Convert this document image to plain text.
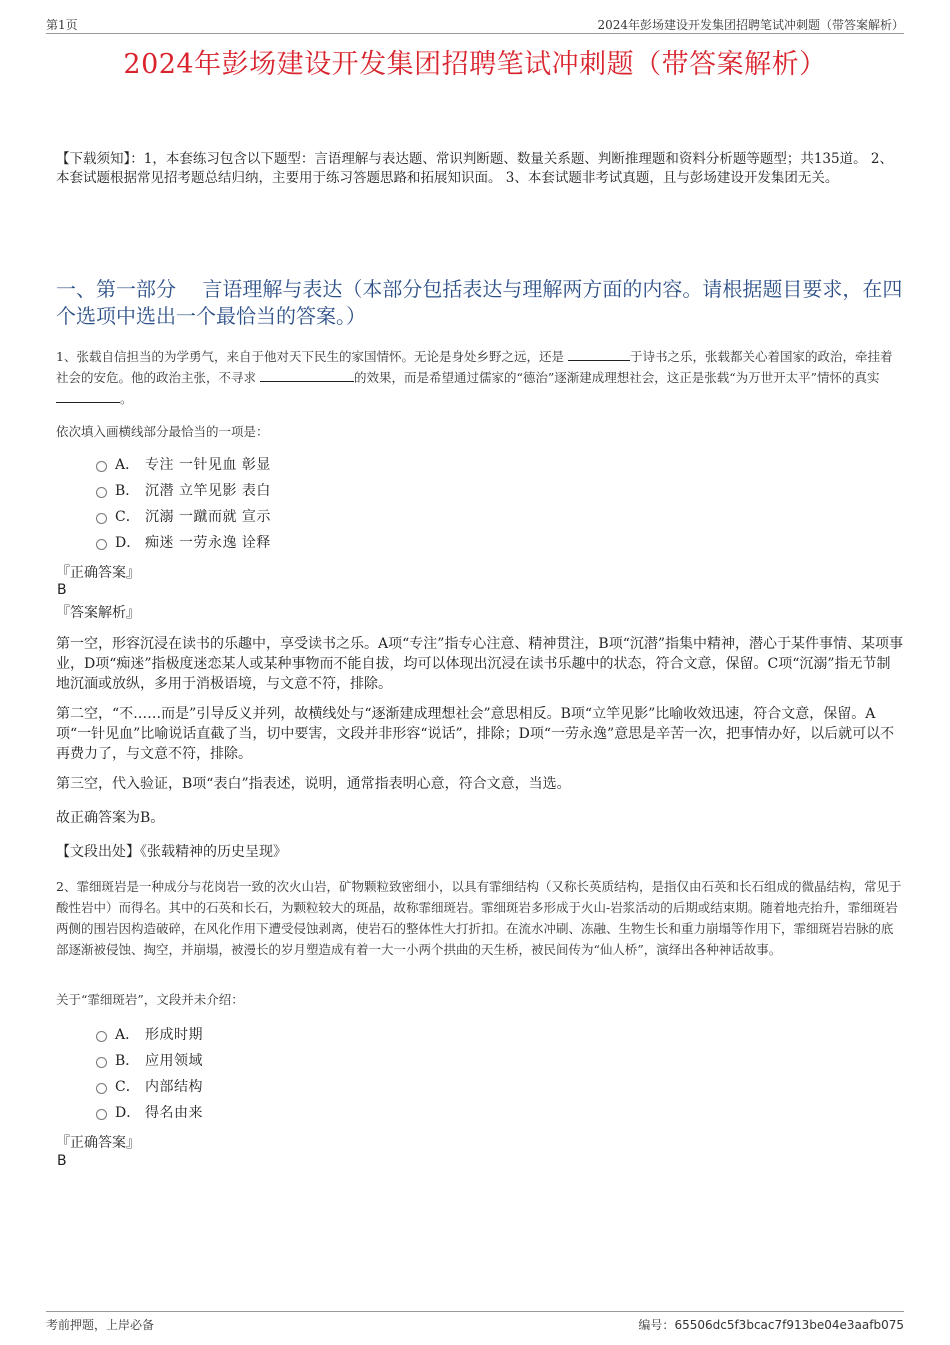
第1页	2024年彭场建设开发集团招聘笔试冲刺题（带答案解析）
2024年彭场建设开发集团招聘笔试冲刺题（带答案解析）
【下载须知】：1，本套练习包含以下题型：言语理解与表达题、常识判断题、数量关系题、判断推理题和资料分析题等题型；共135道。 2、本套试题根据常见招考题总结归纳，主要用于练习答题思路和拓展知识面。 3、本套试题非考试真题，且与彭场建设开发集团无关。
一、第一部分　 言语理解与表达（本部分包括表达与理解两方面的内容。请根据题目要求，在四个选项中选出一个最恰当的答案。）
1、张载自信担当的为学勇气，来自于他对天下民生的家国情怀。无论是身处乡野之远，还是	于诗书之乐，张载都关心着国家的政治，牵挂着社会的安危。他的政治主张，不寻求	的效果，而是希望通过儒家的“德治”逐渐建成理想社会，这正是张载“为万世开太平”情怀的真实 。
依次填入画横线部分最恰当的一项是：
A． 专注 一针见血 彰显
B． 沉潜 立竿见影 表白
C． 沉溺 一蹴而就 宣示
D． 痴迷 一劳永逸 诠释
『正确答案』
B
『答案解析』
第一空，形容沉浸在读书的乐趣中，享受读书之乐。A项“专注”指专心注意、精神贯注，B项“沉潜”指集中精神，潜心于某件事情、某项事业，D项“痴迷”指极度迷恋某人或某种事物而不能自拔，均可以体现出沉浸在读书乐趣中的状态，符合文意，保留。C项“沉溺”指无节制地沉湎或放纵，多用于消极语境，与文意不符，排除。
第二空，“不……而是”引导反义并列，故横线处与“逐渐建成理想社会”意思相反。B项“立竿见影”比喻收效迅速，符合文意，保留。A项“一针见血”比喻说话直截了当，切中要害，文段并非形容“说话”，排除；D项“一劳永逸”意思是辛苦一次，把事情办好，以后就可以不再费力了，与文意不符，排除。
第三空，代入验证，B项“表白”指表述，说明，通常指表明心意，符合文意，当选。
故正确答案为B。
【文段出处】《张载精神的历史呈现》
2、霏细斑岩是一种成分与花岗岩一致的次火山岩，矿物颗粒致密细小，以具有霏细结构（又称长英质结构，是指仅由石英和长石组成的微晶结构，常见于酸性岩中）而得名。其中的石英和长石，为颗粒较大的斑晶，故称霏细斑岩。霏细斑岩多形成于火山-岩浆活动的后期或结束期。随着地壳抬升，霏细斑岩两侧的围岩因构造破碎，在风化作用下遭受侵蚀剥离，使岩石的整体性大打折扣。在流水冲刷、冻融、生物生长和重力崩塌等作用下，霏细斑岩岩脉的底部逐渐被侵蚀、掏空，并崩塌，被漫长的岁月塑造成有着一大一小两个拱曲的天生桥，被民间传为“仙人桥”，演绎出各种神话故事。
关于“霏细斑岩”，文段并未介绍：
A． 形成时期
B． 应用领域
C． 内部结构
D． 得名由来
『正确答案』
B
考前押题，上岸必备	编号：65506dc5f3bcac7f913be04e3aafb075
